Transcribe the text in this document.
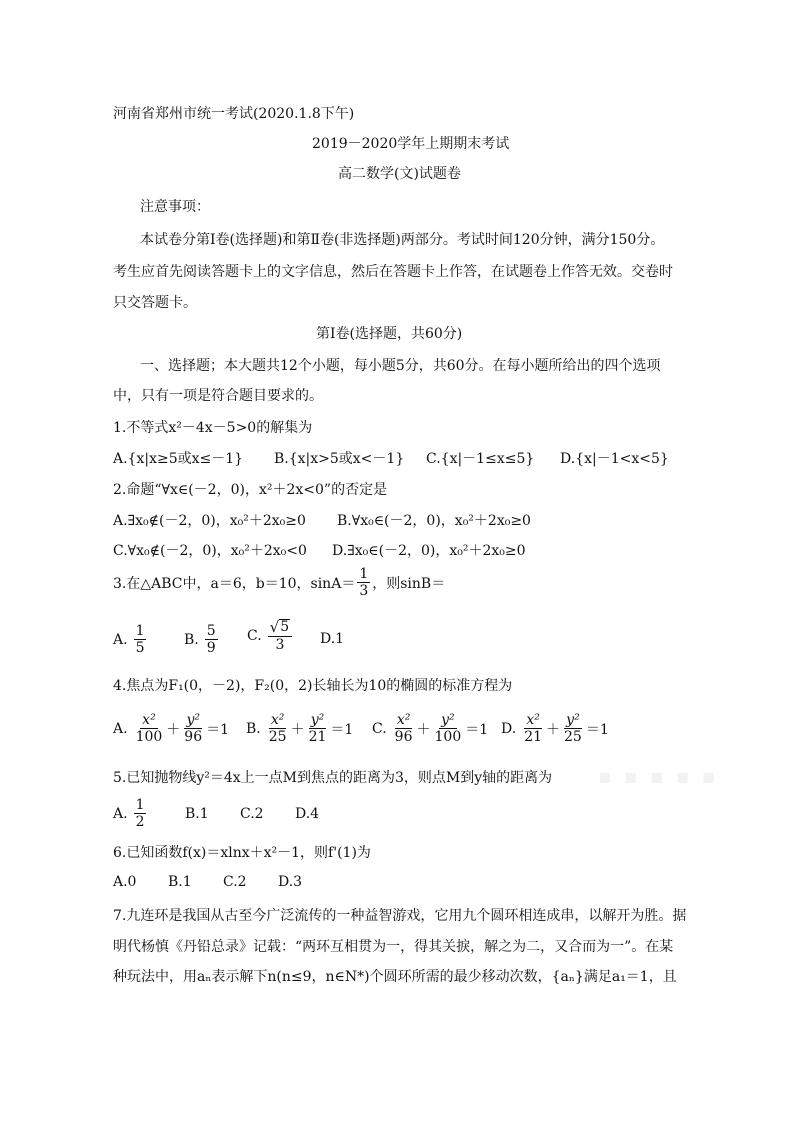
河南省郑州市统一考试(2020.1.8下午)
2019－2020学年上期期末考试
高二数学(文)试题卷
注意事项：
本试卷分第Ⅰ卷(选择题)和第Ⅱ卷(非选择题)两部分。考试时间120分钟，满分150分。
考生应首先阅读答题卡上的文字信息，然后在答题卡上作答，在试题卷上作答无效。交卷时
只交答题卡。
第Ⅰ卷(选择题，共60分)
一、选择题；本大题共12个小题，每小题5分，共60分。在每小题所给出的四个选项
中，只有一项是符合题目要求的。
1.不等式x²－4x－5>0的解集为
A.{x|x≥5或x≤－1} B.{x|x>5或x<－1} C.{x|－1≤x≤5} D.{x|－1<x<5}
2.命题“∀x∈(－2，0)，x²＋2x<0”的否定是
A.∃x₀∉(－2，0)，x₀²＋2x₀≥0 B.∀x₀∈(－2，0)，x₀²＋2x₀≥0
C.∀x₀∉(－2，0)，x₀²＋2x₀<0 D.∃x₀∈(－2，0)，x₀²＋2x₀≥0
3.在△ABC中，a＝6，b＝10，$\sin A= \frac{1}{3}$ ，则sinB＝
A. $\frac{1}{5}$	B. $\frac{5}{9} C$. $\frac{√ 5}{3} D.1$
4.焦点为F₁(0，－2)，F₂(0，2)长轴长为10的椭圆的标准方程为
A. $\frac{\text{x²}}{100} + \frac{\text{y²}}{96} =1$ B. $\frac{\text{x²}}{25} + \frac{\text{y²}}{21} =1$ C. $\frac{\text{x²}}{96} + \frac{\text{y²}}{100} =1$ D. $\frac{\text{x²}}{21} + \frac{\text{y²}}{25} =1$
▪ ▪ ▪ ▪ ▪
5.已知抛物线y²＝4x上一点M到焦点的距离为3，则点M到y轴的距离为
A. $\frac{1}{2}$	B.1 C.2 D.4
6.已知函数f(x)＝xlnx＋x²－1，则f'(1)为
A.0 B.1 C.2 D.3
7.九连环是我国从古至今广泛流传的一种益智游戏，它用九个圆环相连成串，以解开为胜。据
明代杨慎《丹铅总录》记载：“两环互相贯为一，得其关捩，解之为二，又合而为一”。在某
种玩法中，用aₙ表示解下n(n≤9，n∈N*)个圆环所需的最少移动次数，{aₙ}满足a₁＝1，且
